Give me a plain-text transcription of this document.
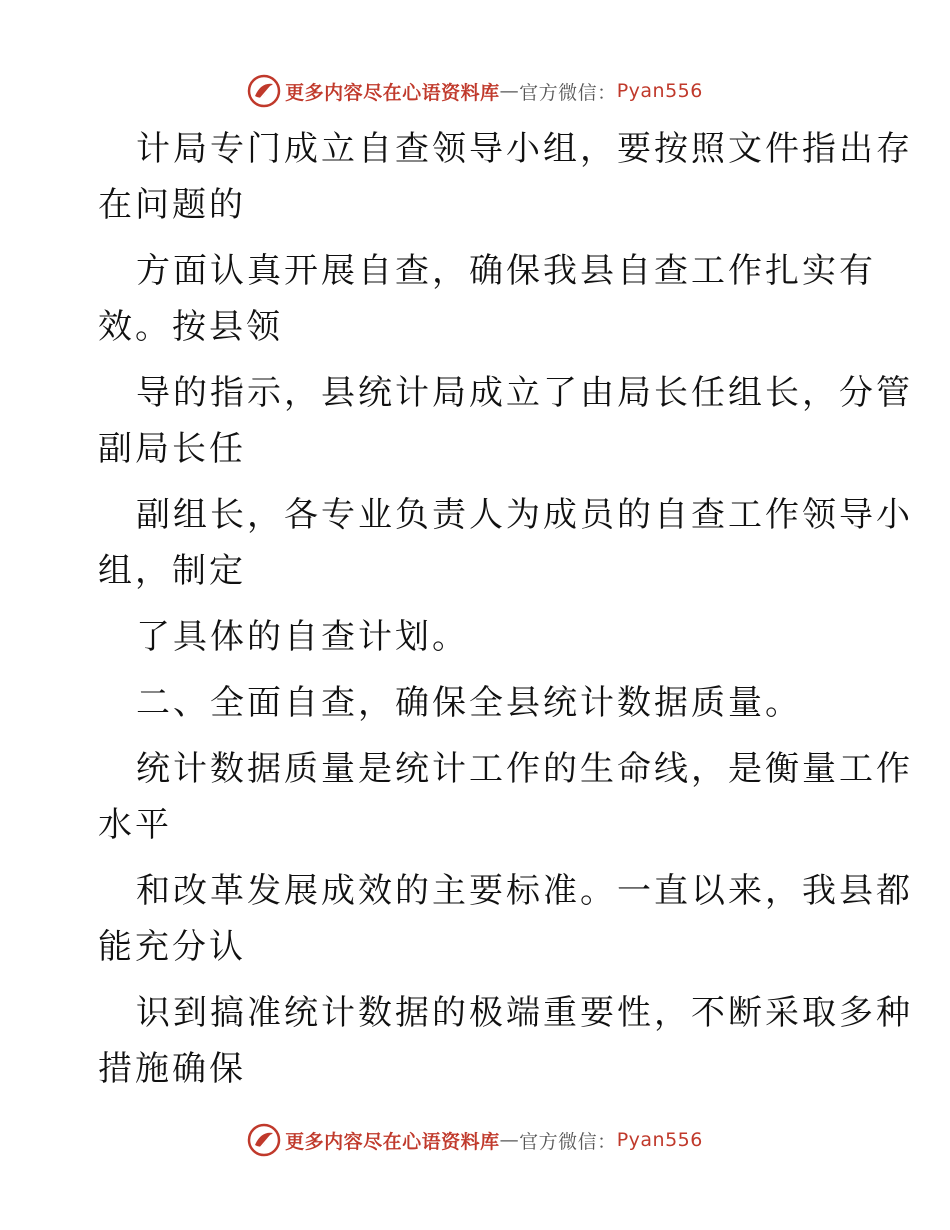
更多内容尽在心语资料库 — 官方微信： Pyan556
计局专门成立自查领导小组，要按照文件指出存
在问题的
方面认真开展自查，确保我县自查工作扎实有
效。按县领
导的指示，县统计局成立了由局长任组长，分管
副局长任
副组长，各专业负责人为成员的自查工作领导小
组，制定
了具体的自查计划。
二、全面自查，确保全县统计数据质量。
统计数据质量是统计工作的生命线，是衡量工作
水平
和改革发展成效的主要标准。一直以来，我县都
能充分认
识到搞准统计数据的极端重要性，不断采取多种
措施确保
更多内容尽在心语资料库 — 官方微信： Pyan556
